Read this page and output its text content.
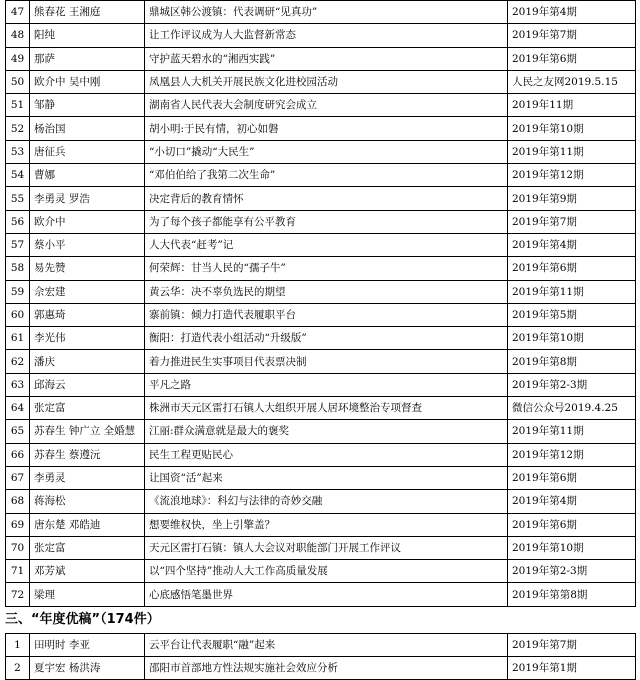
47	熊春花 王湘庭	鼎城区韩公渡镇：代表调研“见真功”	2019年第4期
48	阳纯	让工作评议成为人大监督新常态	2019年第7期
49	那萨	守护蓝天碧水的“湘西实践”	2019年第6期
50	欧介中 吴中刚	凤凰县人大机关开展民族文化进校园活动	人民之友网2019.5.15
51	邹静	湖南省人民代表大会制度研究会成立	2019年11期
52	杨治国	胡小明:于民有情，初心如磐	2019年第10期
53	唐征兵	“小切口”撬动“大民生”	2019年第11期
54	曹娜	“邓伯伯给了我第二次生命”	2019年第12期
55	李勇灵 罗浩	决定背后的教育情怀	2019年第9期
56	欧介中	为了每个孩子都能享有公平教育	2019年第7期
57	蔡小平	人大代表“赶考”记	2019年第4期
58	易先赞	何荣辉：甘当人民的“孺子牛”	2019年第6期
59	佘宏建	黄云华：决不辜负选民的期望	2019年第11期
60	郭惠琦	寨前镇：倾力打造代表履职平台	2019年第5期
61	李光伟	衡阳：打造代表小组活动“升级版”	2019年第10期
62	潘庆	着力推进民生实事项目代表票决制	2019年第8期
63	邱海云	平凡之路	2019年第2-3期
64	张定富	株洲市天元区雷打石镇人大组织开展人居环境整治专项督查	微信公众号2019.4.25
65	苏春生 钟广立 全婚慧	江丽:群众满意就是最大的褒奖	2019年第11期
66	苏春生 蔡遵沅	民生工程更贴民心	2019年第12期
67	李勇灵	让国资“活”起来	2019年第6期
68	蒋海松	《流浪地球》：科幻与法律的奇妙交融	2019年第4期
69	唐东楚 邓皓迪	想要维权快，坐上引擎盖？	2019年第6期
70	张定富	天元区雷打石镇：镇人大会议对职能部门开展工作评议	2019年第10期
71	邓芳斌	以“四个坚持”推动人大工作高质量发展	2019年第2-3期
72	梁理	心底感悟笔墨世界	2019年第第8期
三、“年度优稿”（174件）
1	田明时 李亚	云平台让代表履职“融”起来	2019年第7期
2	夏宇宏 杨洪涛	邵阳市首部地方性法规实施社会效应分析	2019年第1期
